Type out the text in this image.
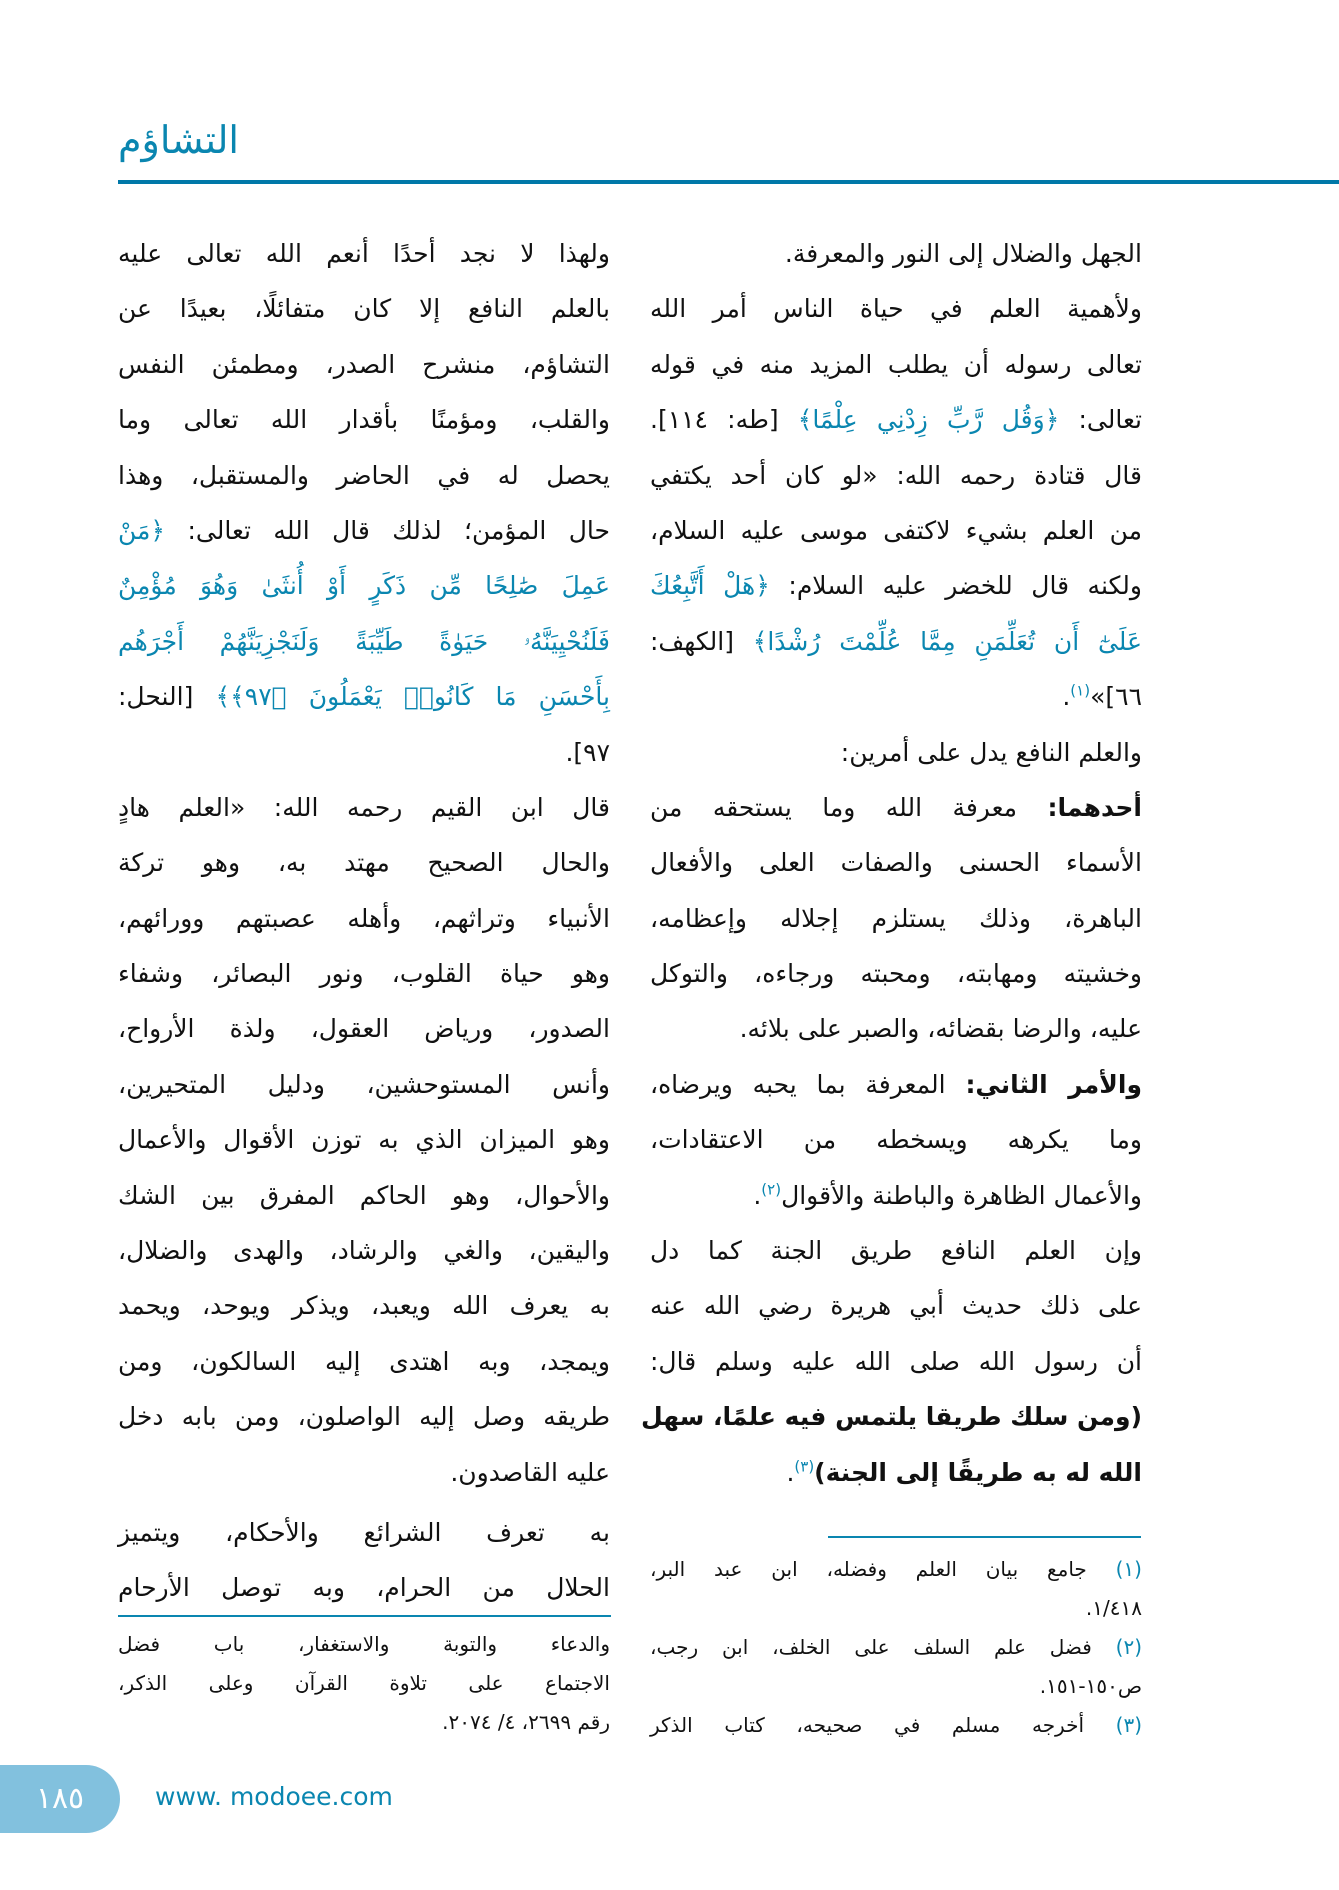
التشاؤم
الجهل والضلال إلى النور والمعرفة.
ولأهمية العلم في حياة الناس أمر الله
تعالى رسوله أن يطلب المزيد منه في قوله
تعالى: ﴿وَقُل رَّبِّ زِدْنِي عِلْمًا﴾ [طه: ١١٤].
قال قتادة رحمه الله: «لو كان أحد يكتفي
من العلم بشيء لاكتفى موسى عليه السلام،
ولكنه قال للخضر عليه السلام: ﴿هَلْ أَتَّبِعُكَ
عَلَىٰٓ أَن تُعَلِّمَنِ مِمَّا عُلِّمْتَ رُشْدًا﴾ [الكهف:
٦٦]»$^{(١)}$.
والعلم النافع يدل على أمرين:
أحدهما: معرفة الله وما يستحقه من
الأسماء الحسنى والصفات العلى والأفعال
الباهرة، وذلك يستلزم إجلاله وإعظامه،
وخشيته ومهابته، ومحبته ورجاءه، والتوكل
عليه، والرضا بقضائه، والصبر على بلائه.
والأمر الثاني: المعرفة بما يحبه ويرضاه،
وما يكرهه ويسخطه من الاعتقادات،
والأعمال الظاهرة والباطنة والأقوال$^{(٢)}$.
وإن العلم النافع طريق الجنة كما دل
على ذلك حديث أبي هريرة رضي الله عنه
أن رسول الله صلى الله عليه وسلم قال:
(ومن سلك طريقا يلتمس فيه علمًا، سهل
الله له به طريقًا إلى الجنة)$^{(٣)}$.
ولهذا لا نجد أحدًا أنعم الله تعالى عليه
بالعلم النافع إلا كان متفائلًا، بعيدًا عن
التشاؤم، منشرح الصدر، ومطمئن النفس
والقلب، ومؤمنًا بأقدار الله تعالى وما
يحصل له في الحاضر والمستقبل، وهذا
حال المؤمن؛ لذلك قال الله تعالى: ﴿مَنْ
عَمِلَ صَٰلِحًا مِّن ذَكَرٍ أَوْ أُنثَىٰ وَهُوَ مُؤْمِنٌ
فَلَنُحْيِيَنَّهُۥ حَيَوٰةً طَيِّبَةً وَلَنَجْزِيَنَّهُمْ أَجْرَهُم
بِأَحْسَنِ مَا كَانُوا۟ يَعْمَلُونَ ﴿٩٧﴾﴾ [النحل:
٩٧].
قال ابن القيم رحمه الله: «العلم هادٍ
والحال الصحيح مهتد به، وهو تركة
الأنبياء وتراثهم، وأهله عصبتهم وورائهم،
وهو حياة القلوب، ونور البصائر، وشفاء
الصدور، ورياض العقول، ولذة الأرواح،
وأنس المستوحشين، ودليل المتحيرين،
وهو الميزان الذي به توزن الأقوال والأعمال
والأحوال، وهو الحاكم المفرق بين الشك
واليقين، والغي والرشاد، والهدى والضلال،
به يعرف الله ويعبد، ويذكر ويوحد، ويحمد
ويمجد، وبه اهتدى إليه السالكون، ومن
طريقه وصل إليه الواصلون، ومن بابه دخل
عليه القاصدون.
به تعرف الشرائع والأحكام، ويتميز
الحلال من الحرام، وبه توصل الأرحام
(١) جامع بيان العلم وفضله، ابن عبد البر،
١/٤١٨.
(٢) فضل علم السلف على الخلف، ابن رجب،
ص١٥٠-١٥١.
(٣) أخرجه مسلم في صحيحه، كتاب الذكر
والدعاء والتوبة والاستغفار، باب فضل
الاجتماع على تلاوة القرآن وعلى الذكر،
رقم ٢٦٩٩، ٤/ ٢٠٧٤.
١٨٥	www. modoee.com
